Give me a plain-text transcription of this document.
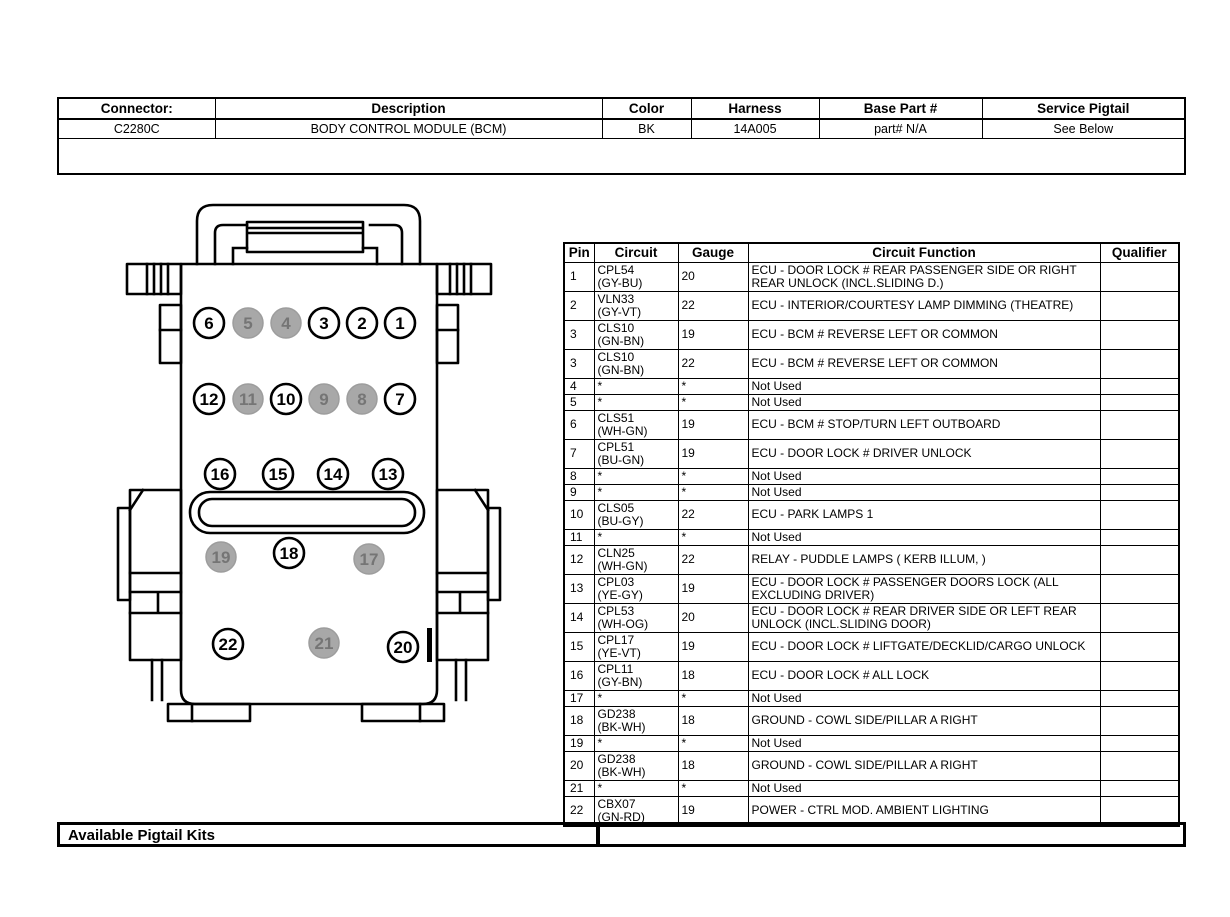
Connector:	Description	Color	Harness	Base Part #	Service Pigtail
C2280C	BODY CONTROL MODULE (BCM)	BK	14A005	part# N/A	See Below

1
2
3
4
5
6
7
8
9
10
11
12
13
14
15
16
17
18
19
20
21
22
Pin	Circuit	Gauge	Circuit Function	Qualifier
1	CPL54
(GY-BU)	20	ECU - DOOR LOCK # REAR PASSENGER SIDE OR RIGHT REAR UNLOCK (INCL.SLIDING D.)	
2	VLN33
(GY-VT)	22	ECU - INTERIOR/COURTESY LAMP DIMMING (THEATRE)	
3	CLS10
(GN-BN)	19	ECU - BCM # REVERSE LEFT OR COMMON	
3	CLS10
(GN-BN)	22	ECU - BCM # REVERSE LEFT OR COMMON	
4	*	*	Not Used	
5	*	*	Not Used	
6	CLS51
(WH-GN)	19	ECU - BCM # STOP/TURN LEFT OUTBOARD	
7	CPL51
(BU-GN)	19	ECU - DOOR LOCK # DRIVER UNLOCK	
8	*	*	Not Used	
9	*	*	Not Used	
10	CLS05
(BU-GY)	22	ECU - PARK LAMPS 1	
11	*	*	Not Used	
12	CLN25
(WH-GN)	22	RELAY - PUDDLE LAMPS ( KERB ILLUM, )	
13	CPL03
(YE-GY)	19	ECU - DOOR LOCK # PASSENGER DOORS LOCK (ALL EXCLUDING DRIVER)	
14	CPL53
(WH-OG)	20	ECU - DOOR LOCK # REAR DRIVER SIDE OR LEFT REAR UNLOCK (INCL.SLIDING DOOR)	
15	CPL17
(YE-VT)	19	ECU - DOOR LOCK # LIFTGATE/DECKLID/CARGO UNLOCK	
16	CPL11
(GY-BN)	18	ECU - DOOR LOCK # ALL LOCK	
17	*	*	Not Used	
18	GD238
(BK-WH)	18	GROUND - COWL SIDE/PILLAR A RIGHT	
19	*	*	Not Used	
20	GD238
(BK-WH)	18	GROUND - COWL SIDE/PILLAR A RIGHT	
21	*	*	Not Used	
22	CBX07
(GN-RD)	19	POWER - CTRL MOD. AMBIENT LIGHTING	
Available Pigtail Kits
